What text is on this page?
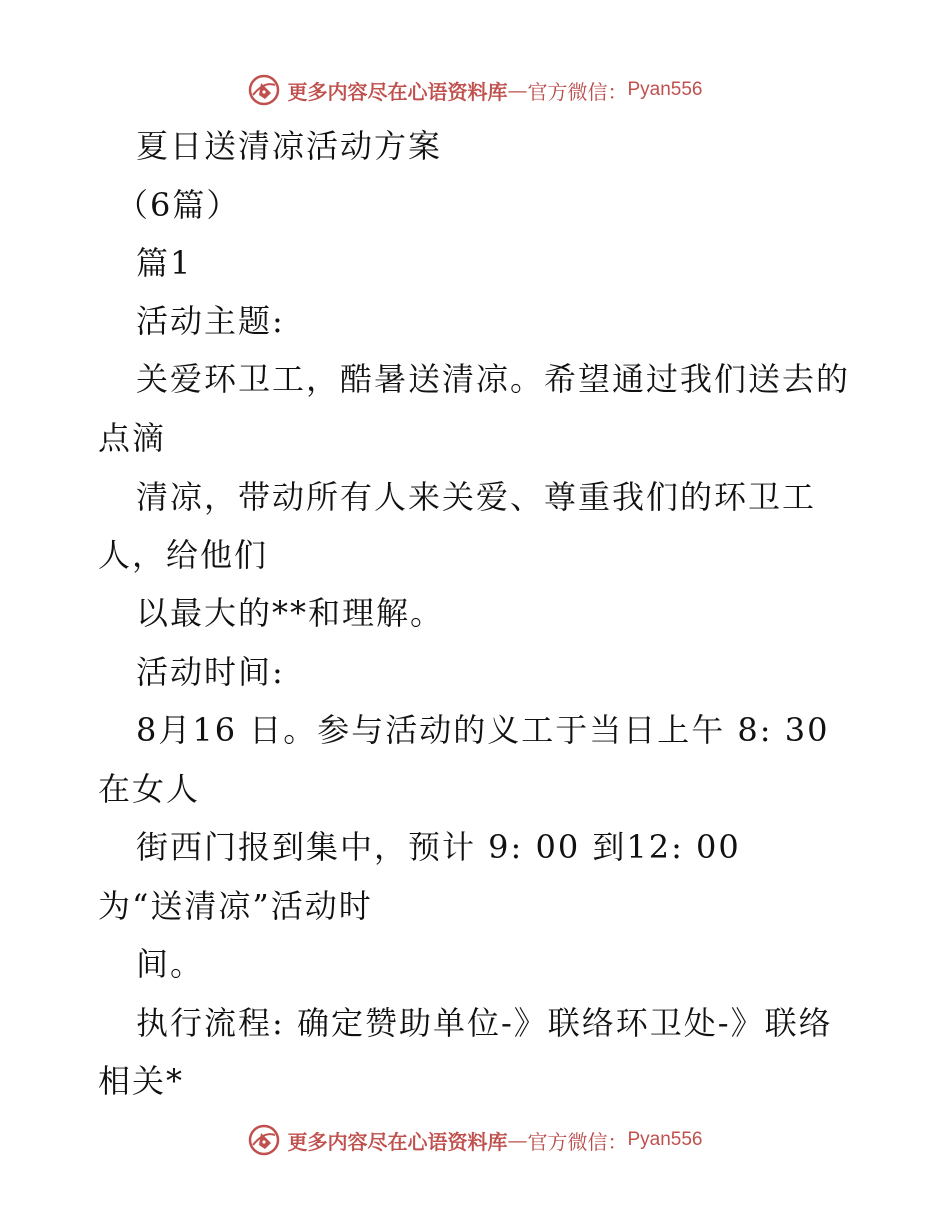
更多内容尽在心语资料库 — 官方微信： Pyan556
夏日送清凉活动方案
（6篇）
篇1
活动主题:
关爱环卫工，酷暑送清凉。希望通过我们送去的
点滴
清凉，带动所有人来关爱、尊重我们的环卫工
人，给他们
以最大的**和理解。
活动时间:
8月16 日。参与活动的义工于当日上午 8: 30
在女人
街西门报到集中，预计 9: 00 到12: 00
为“送清凉”活动时
间。
执行流程: 确定赞助单位-》联络环卫处-》联络
相关*
更多内容尽在心语资料库 — 官方微信： Pyan556
